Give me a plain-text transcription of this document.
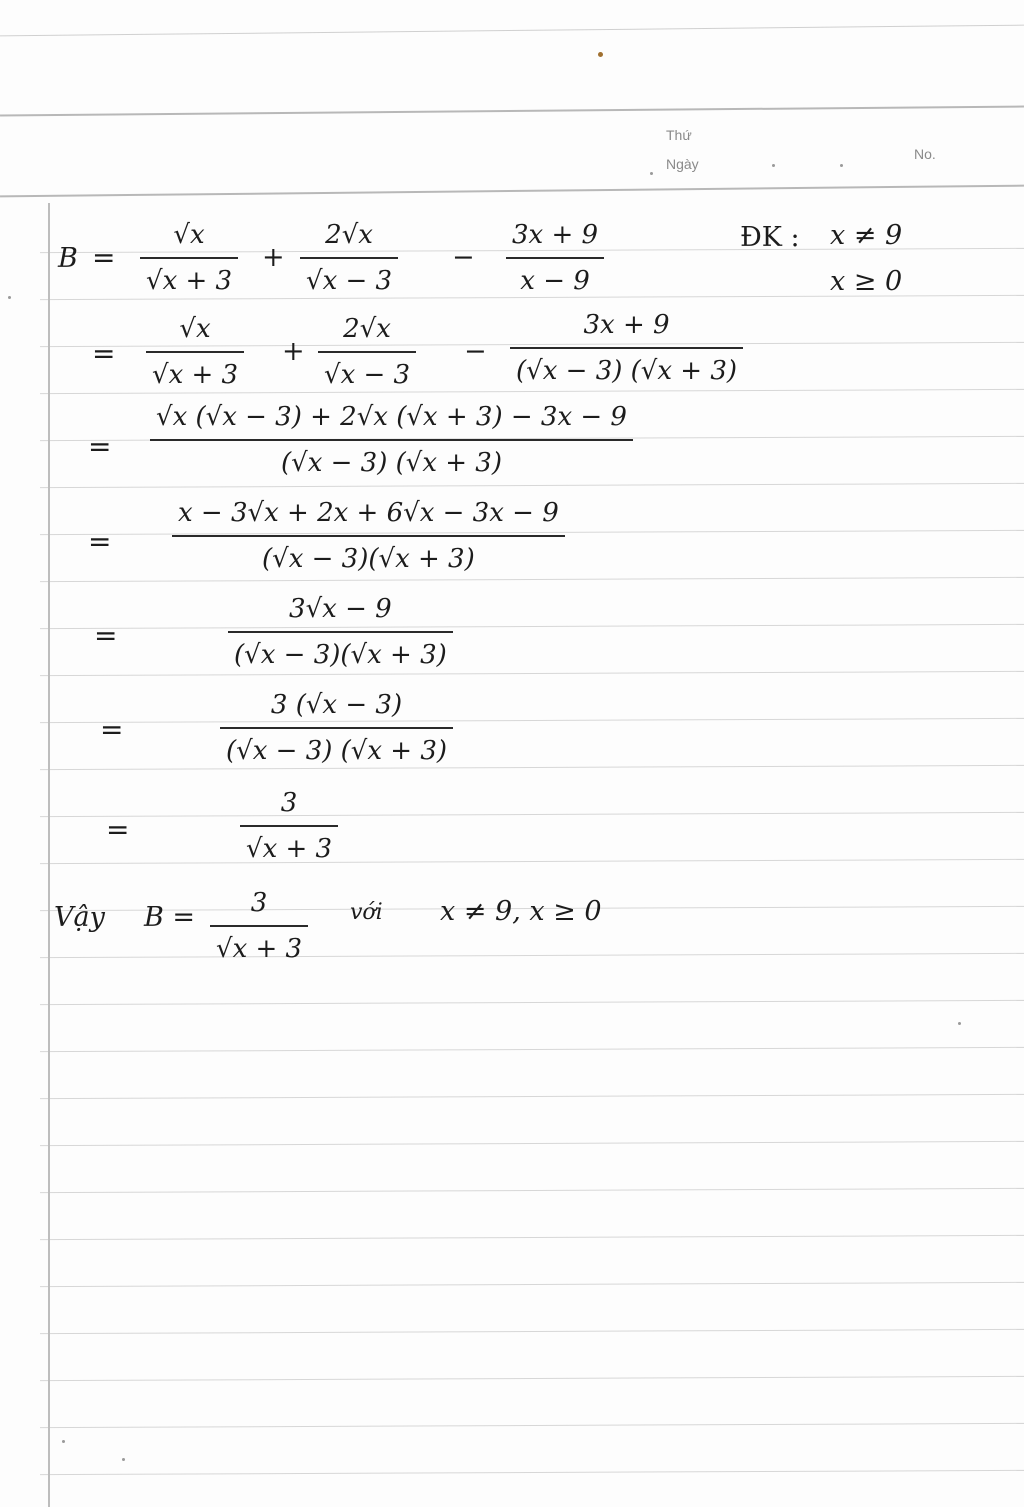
Thứ
Ngày
No.
B =
√x
√x + 3
+
2√x
√x − 3
−
3x + 9
x − 9
ĐK : x ≠ 9
x ≥ 0
=
√x
√x + 3
+
2√x
√x − 3
−
3x + 9
(√x − 3) (√x + 3)
=
√x (√x − 3) + 2√x (√x + 3) − 3x − 9
(√x − 3) (√x + 3)
=
x − 3√x + 2x + 6√x − 3x − 9
(√x − 3)(√x + 3)
=
3√x − 9
(√x − 3)(√x + 3)
=
3 (√x − 3)
(√x − 3) (√x + 3)
=
3
√x + 3
Vậy B = 3
√x + 3
với x ≠ 9, x ≥ 0
